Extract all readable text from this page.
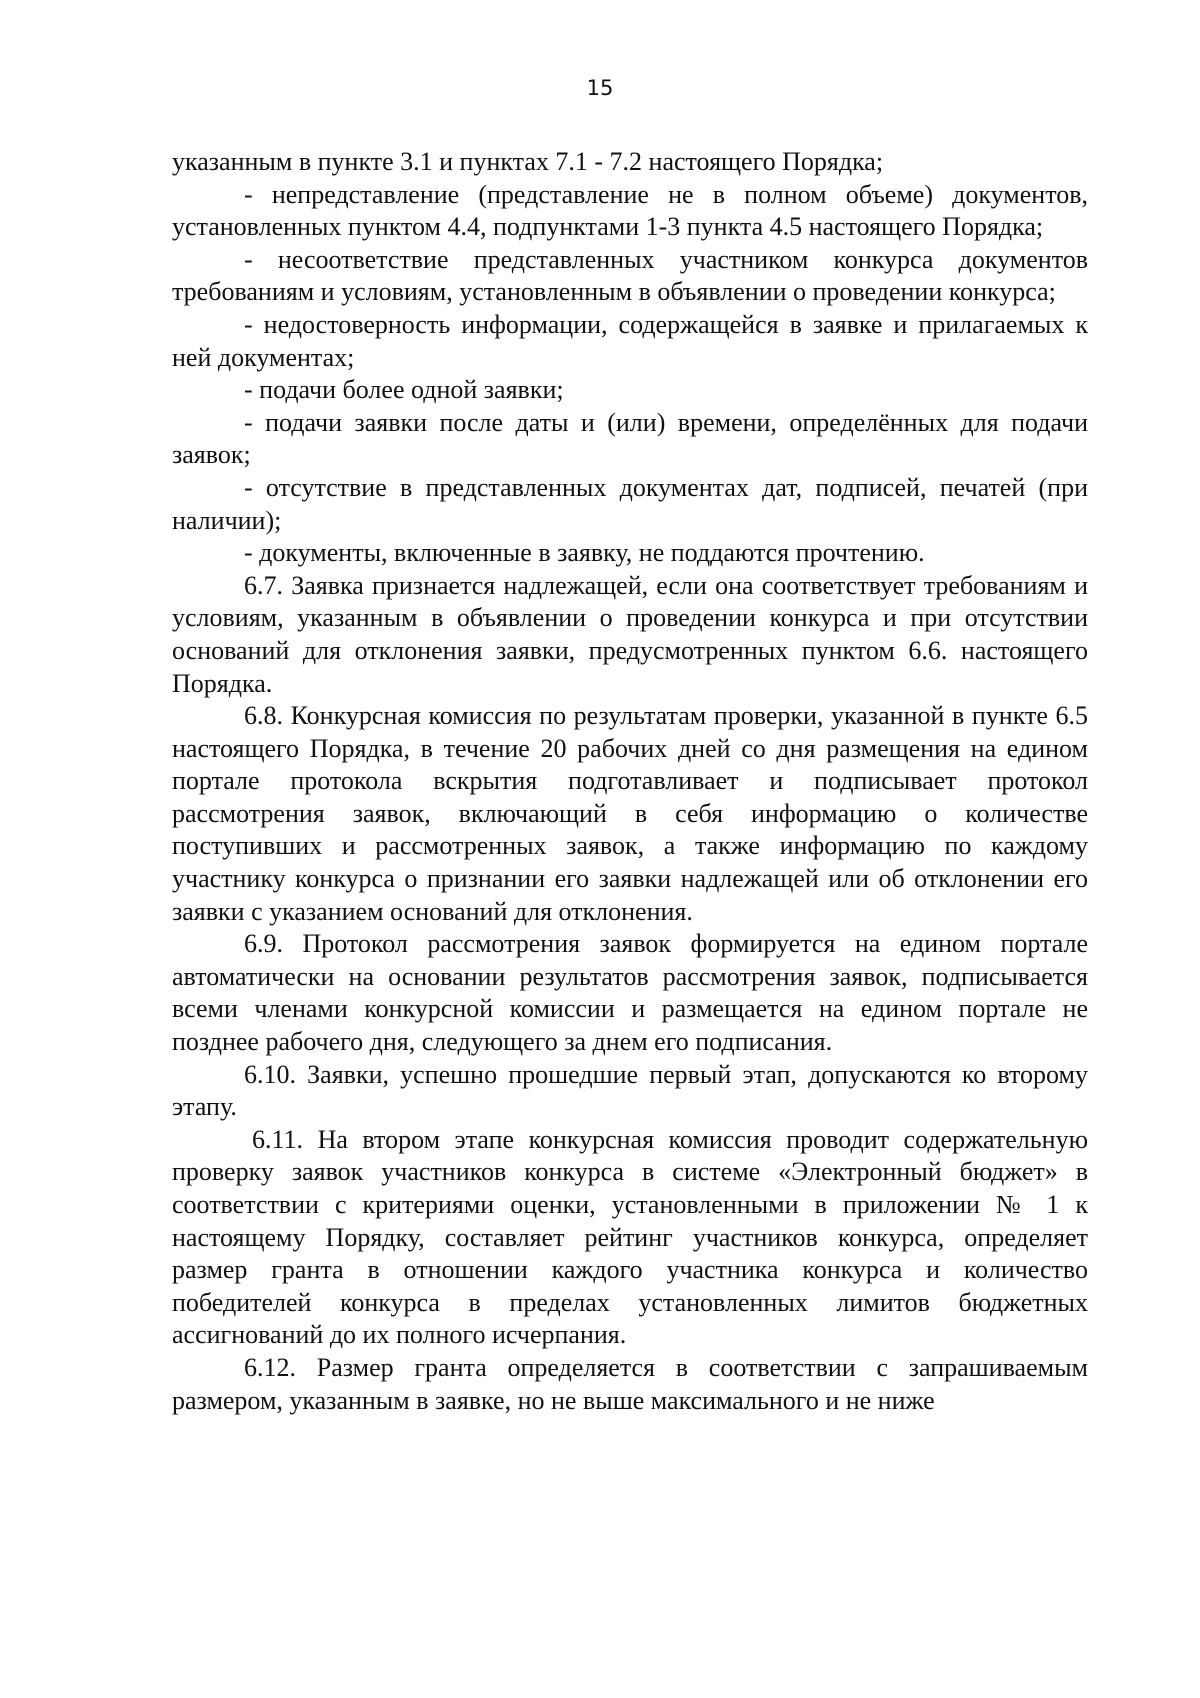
15

указанным в пункте 3.1 и пунктах 7.1 - 7.2 настоящего Порядка;

- непредставление (представление не в полном объеме) документов, установленных пунктом 4.4, подпунктами 1-3 пункта 4.5 настоящего Порядка;

- несоответствие представленных участником конкурса документов требованиям и условиям, установленным в объявлении о проведении конкурса;

- недостоверность информации, содержащейся в заявке и прилагаемых к ней документах;

- подачи более одной заявки;

- подачи заявки после даты и (или) времени, определённых для подачи заявок;

- отсутствие в представленных документах дат, подписей, печатей (при наличии);

- документы, включенные в заявку, не поддаются прочтению.

6.7. Заявка признается надлежащей, если она соответствует требованиям и условиям, указанным в объявлении о проведении конкурса и при отсутствии оснований для отклонения заявки, предусмотренных пунктом 6.6. настоящего Порядка.

6.8. Конкурсная комиссия по результатам проверки, указанной в пункте 6.5 настоящего Порядка, в течение 20 рабочих дней со дня размещения на едином портале протокола вскрытия подготавливает и подписывает протокол рассмотрения заявок, включающий в себя информацию о количестве поступивших и рассмотренных заявок, а также информацию по каждому участнику конкурса о признании его заявки надлежащей или об отклонении его заявки с указанием оснований для отклонения.

6.9. Протокол рассмотрения заявок формируется на едином портале автоматически на основании результатов рассмотрения заявок, подписывается всеми членами конкурсной комиссии и размещается на едином портале не позднее рабочего дня, следующего за днем его подписания.

6.10. Заявки, успешно прошедшие первый этап, допускаются ко второму этапу.

6.11. На втором этапе конкурсная комиссия проводит содержательную проверку заявок участников конкурса в системе «Электронный бюджет» в соответствии с критериями оценки, установленными в приложении № 1 к настоящему Порядку, составляет рейтинг участников конкурса, определяет размер гранта в отношении каждого участника конкурса и количество победителей конкурса в пределах установленных лимитов бюджетных ассигнований до их полного исчерпания.

6.12. Размер гранта определяется в соответствии с запрашиваемым размером, указанным в заявке, но не выше максимального и не ниже
